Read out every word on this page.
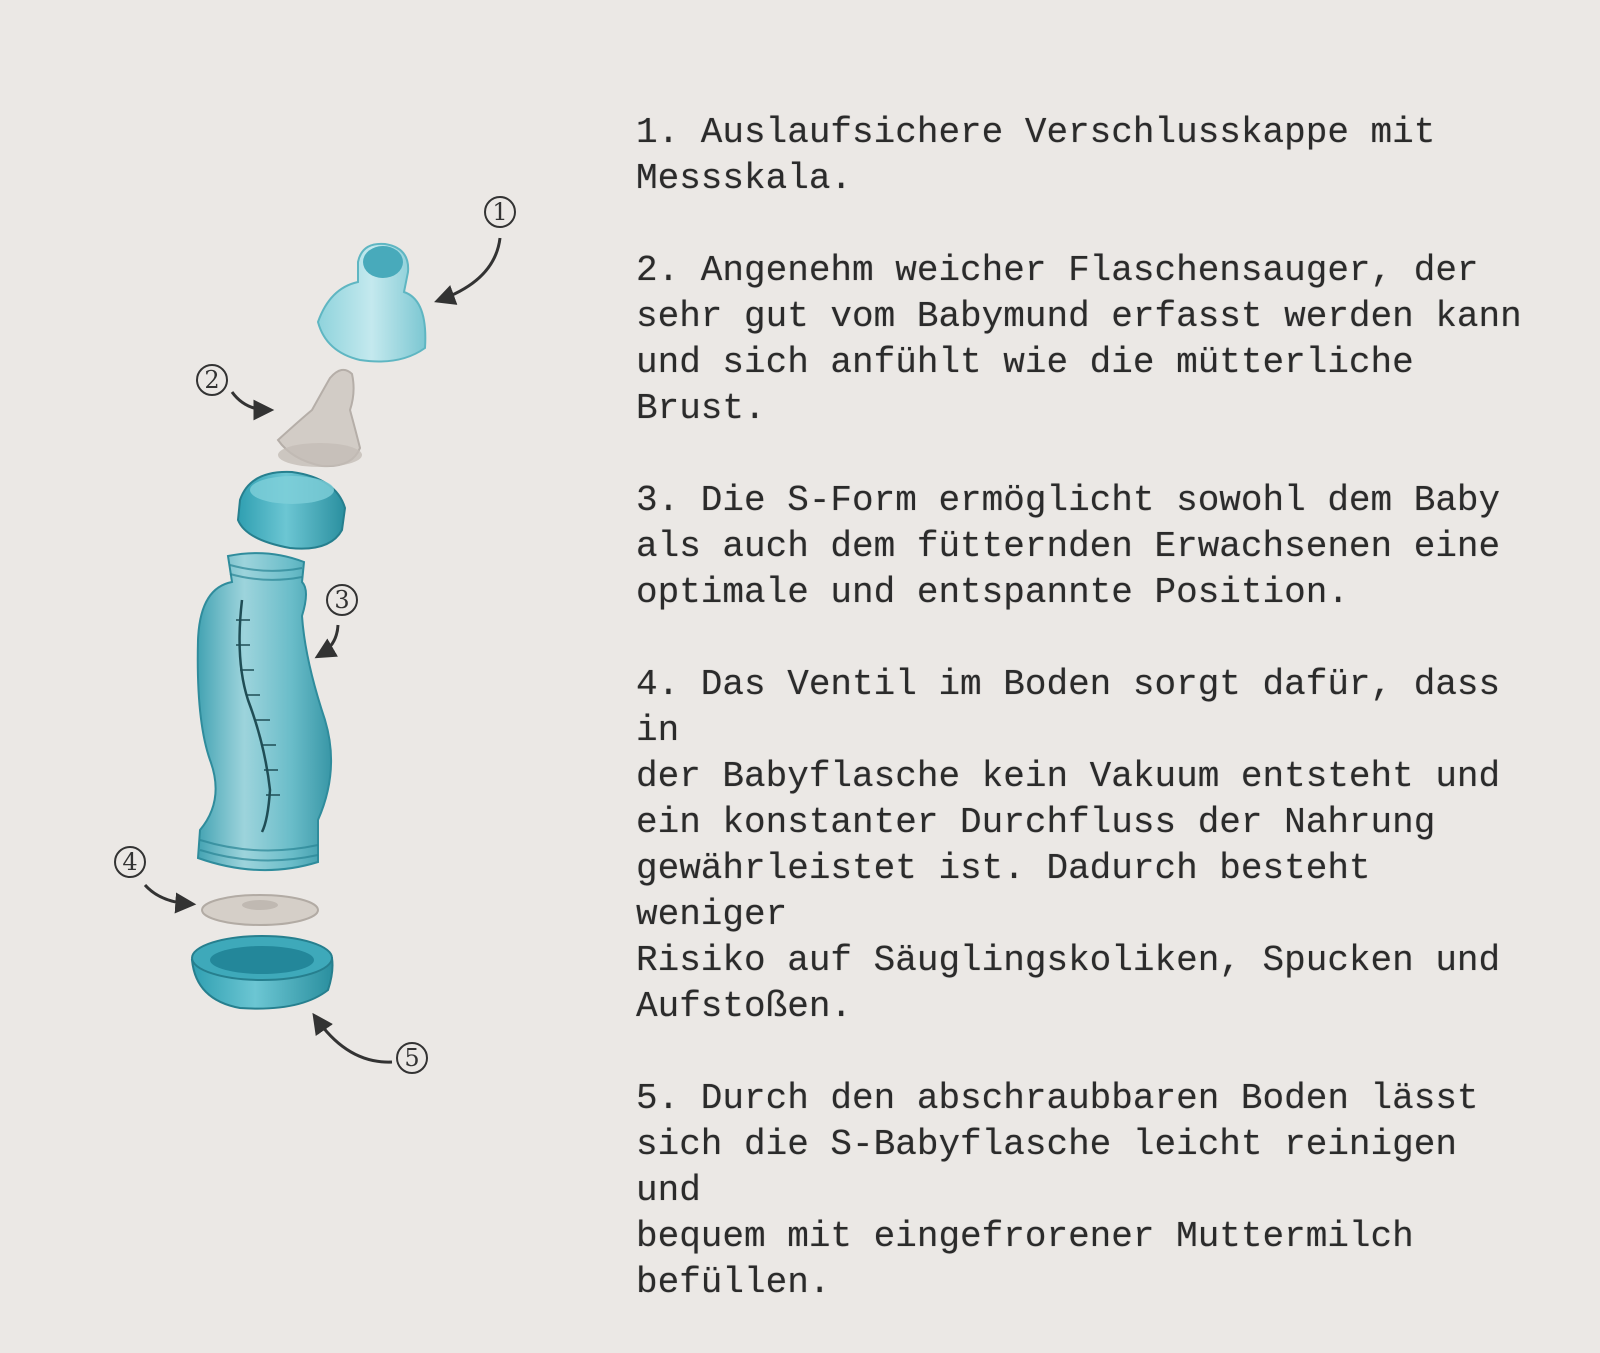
1
2
3
4
5

1. Auslaufsichere Verschlusskappe mit
Messskala.

2. Angenehm weicher Flaschensauger, der
sehr gut vom Babymund erfasst werden kann
und sich anfühlt wie die mütterliche
Brust.

3. Die S-Form ermöglicht sowohl dem Baby
als auch dem fütternden Erwachsenen eine
optimale und entspannte Position.

4. Das Ventil im Boden sorgt dafür, dass in
der Babyflasche kein Vakuum entsteht und
ein konstanter Durchfluss der Nahrung
gewährleistet ist. Dadurch besteht weniger
Risiko auf Säuglingskoliken, Spucken und
Aufstoßen.

5. Durch den abschraubbaren Boden lässt
sich die S-Babyflasche leicht reinigen und
bequem mit eingefrorener Muttermilch
befüllen.
